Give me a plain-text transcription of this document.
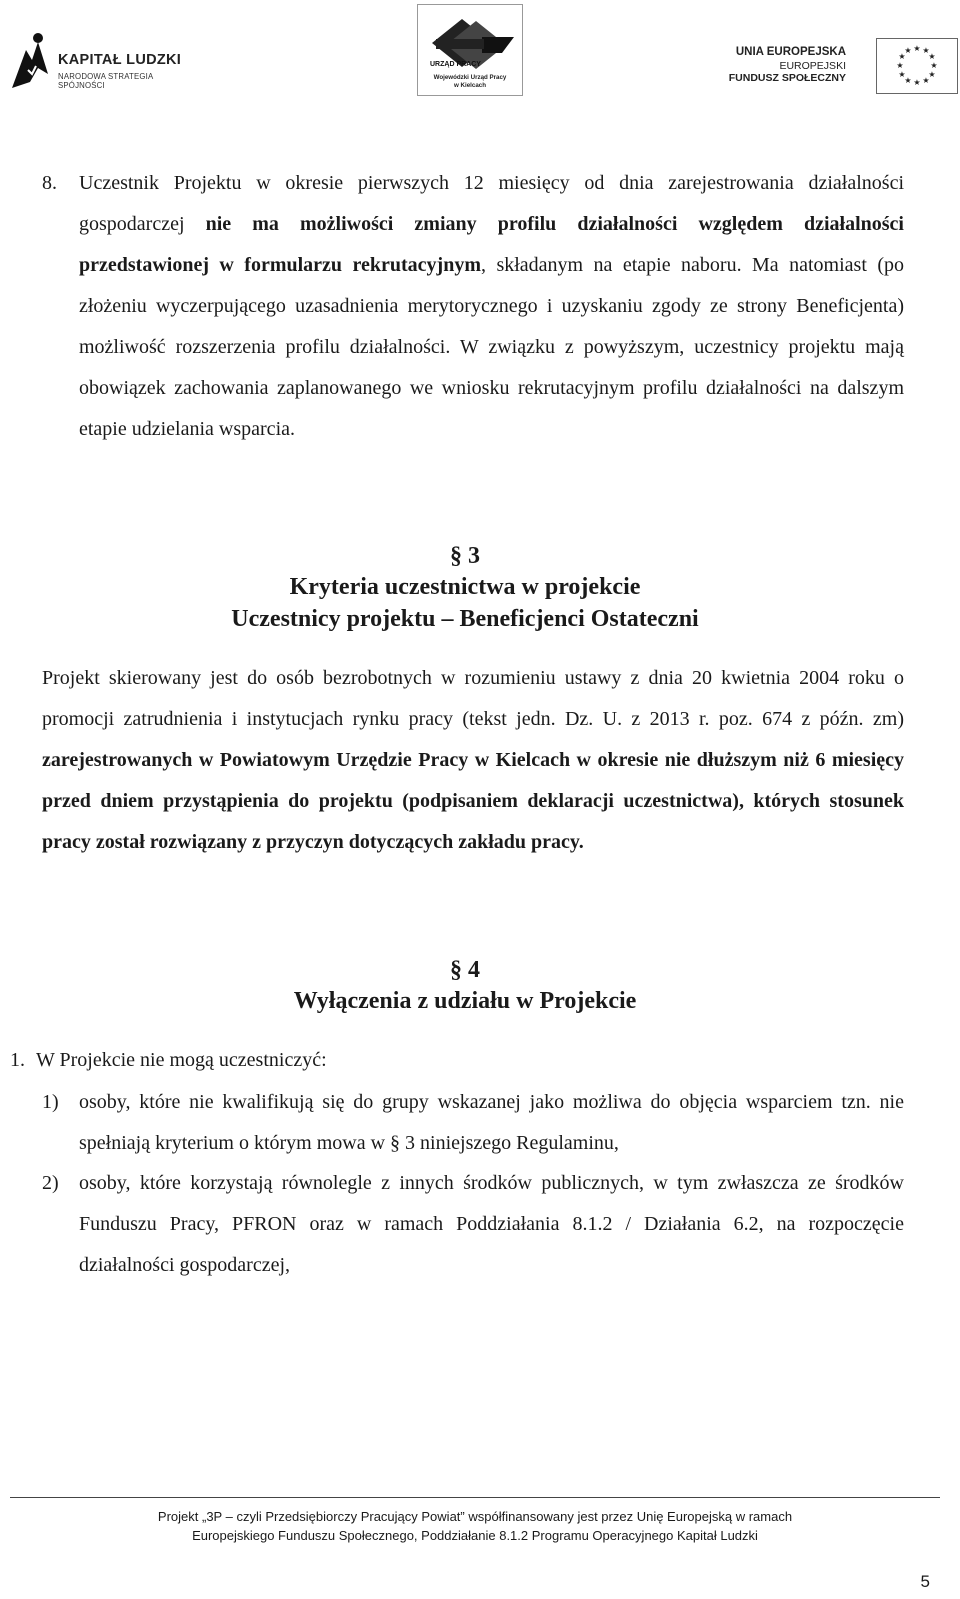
KAPITAŁ LUDZKI
NARODOWA STRATEGIA SPÓJNOŚCI
URZĄD PRACY
Wojewódzki Urząd Pracy
w Kielcach
UNIA EUROPEJSKA
EUROPEJSKI
FUNDUSZ SPOŁECZNY
★ ★
★
★
★
★
★
★
★
★
★
★
8. Uczestnik Projektu w okresie pierwszych 12 miesięcy od dnia zarejestrowania działalności gospodarczej nie ma możliwości zmiany profilu działalności względem działalności przedstawionej w formularzu rekrutacyjnym, składanym na etapie naboru. Ma natomiast (po złożeniu wyczerpującego uzasadnienia merytorycznego i uzyskaniu zgody ze strony Beneficjenta) możliwość rozszerzenia profilu działalności. W związku z powyższym, uczestnicy projektu mają obowiązek zachowania zaplanowanego we wniosku rekrutacyjnym profilu działalności na dalszym etapie udzielania wsparcia.
§ 3
Kryteria uczestnictwa w projekcie
Uczestnicy projektu – Beneficjenci Ostateczni
Projekt skierowany jest do osób bezrobotnych w rozumieniu ustawy z dnia 20 kwietnia 2004 roku o promocji zatrudnienia i instytucjach rynku pracy (tekst jedn. Dz. U. z 2013 r. poz. 674 z późn. zm) zarejestrowanych w Powiatowym Urzędzie Pracy w Kielcach w okresie nie dłuższym niż 6 miesięcy przed dniem przystąpienia do projektu (podpisaniem deklaracji uczestnictwa), których stosunek pracy został rozwiązany z przyczyn dotyczących zakładu pracy.
§ 4
Wyłączenia z udziału w Projekcie
1. W Projekcie nie mogą uczestniczyć:
1) osoby, które nie kwalifikują się do grupy wskazanej jako możliwa do objęcia wsparciem tzn. nie spełniają kryterium o którym mowa w § 3 niniejszego Regulaminu,
2) osoby, które korzystają równolegle z innych środków publicznych, w tym zwłaszcza ze środków Funduszu Pracy, PFRON oraz w ramach Poddziałania 8.1.2 / Działania 6.2, na rozpoczęcie działalności gospodarczej,
Projekt „3P – czyli Przedsiębiorczy Pracujący Powiat” współfinansowany jest przez Unię Europejską w ramach
Europejskiego Funduszu Społecznego, Poddziałanie 8.1.2 Programu Operacyjnego Kapitał Ludzki
5
